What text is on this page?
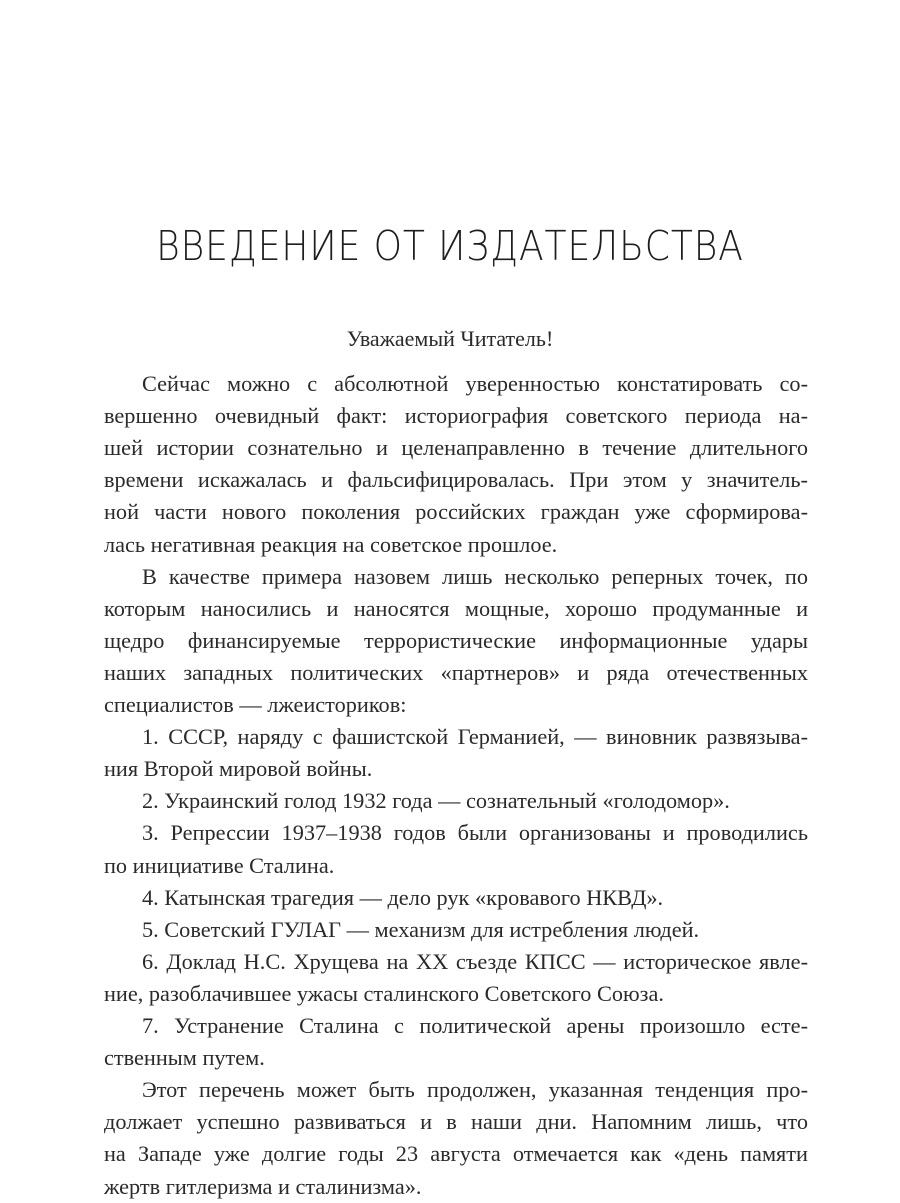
ВВЕДЕНИЕ ОТ ИЗДАТЕЛЬСТВА
Уважаемый Читатель!
Сейчас можно с абсолютной уверенностью констатировать со-
вершенно очевидный факт: историография советского периода на-
шей истории сознательно и целенаправленно в течение длительного
времени искажалась и фальсифицировалась. При этом у значитель-
ной части нового поколения российских граждан уже сформирова-
лась негативная реакция на советское прошлое.
В качестве примера назовем лишь несколько реперных точек, по
которым наносились и наносятся мощные, хорошо продуманные и
щедро финансируемые террористические информационные удары
наших западных политических «партнеров» и ряда отечественных
специалистов — лжеисториков:
1. СССР, наряду с фашистской Германией, — виновник развязыва-
ния Второй мировой войны.
2. Украинский голод 1932 года — сознательный «голодомор».
3. Репрессии 1937–1938 годов были организованы и проводились
по инициативе Сталина.
4. Катынская трагедия — дело рук «кровавого НКВД».
5. Советский ГУЛАГ — механизм для истребления людей.
6. Доклад Н.С. Хрущева на XX съезде КПСС — историческое явле-
ние, разоблачившее ужасы сталинского Советского Союза.
7. Устранение Сталина с политической арены произошло есте-
ственным путем.
Этот перечень может быть продолжен, указанная тенденция про-
должает успешно развиваться и в наши дни. Напомним лишь, что
на Западе уже долгие годы 23 августа отмечается как «день памяти
жертв гитлеризма и сталинизма».
